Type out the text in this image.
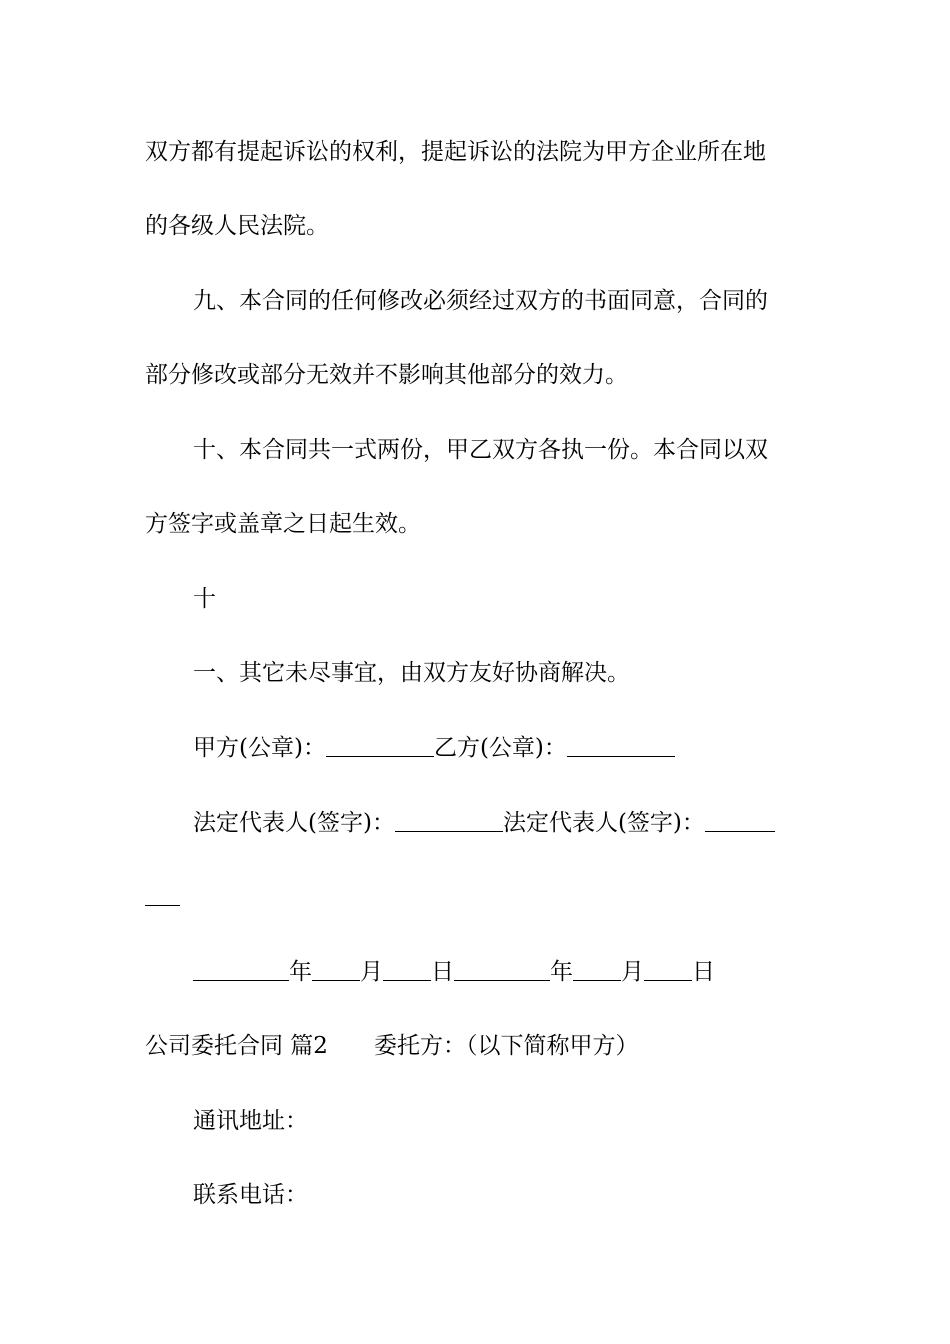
双方都有提起诉讼的权利，提起诉讼的法院为甲方企业所在地
的各级人民法院。
九、本合同的任何修改必须经过双方的书面同意，合同的
部分修改或部分无效并不影响其他部分的效力。
十、本合同共一式两份，甲乙双方各执一份。本合同以双
方签字或盖章之日起生效。
十
一、其它未尽事宜，由双方友好协商解决。
甲方(公章)：	乙方(公章)：
法定代表人(签字)：	法定代表人(签字)：
年 月 日	年 月 日
公司委托合同 篇2 委托方：（以下简称甲方）
通讯地址：
联系电话：
